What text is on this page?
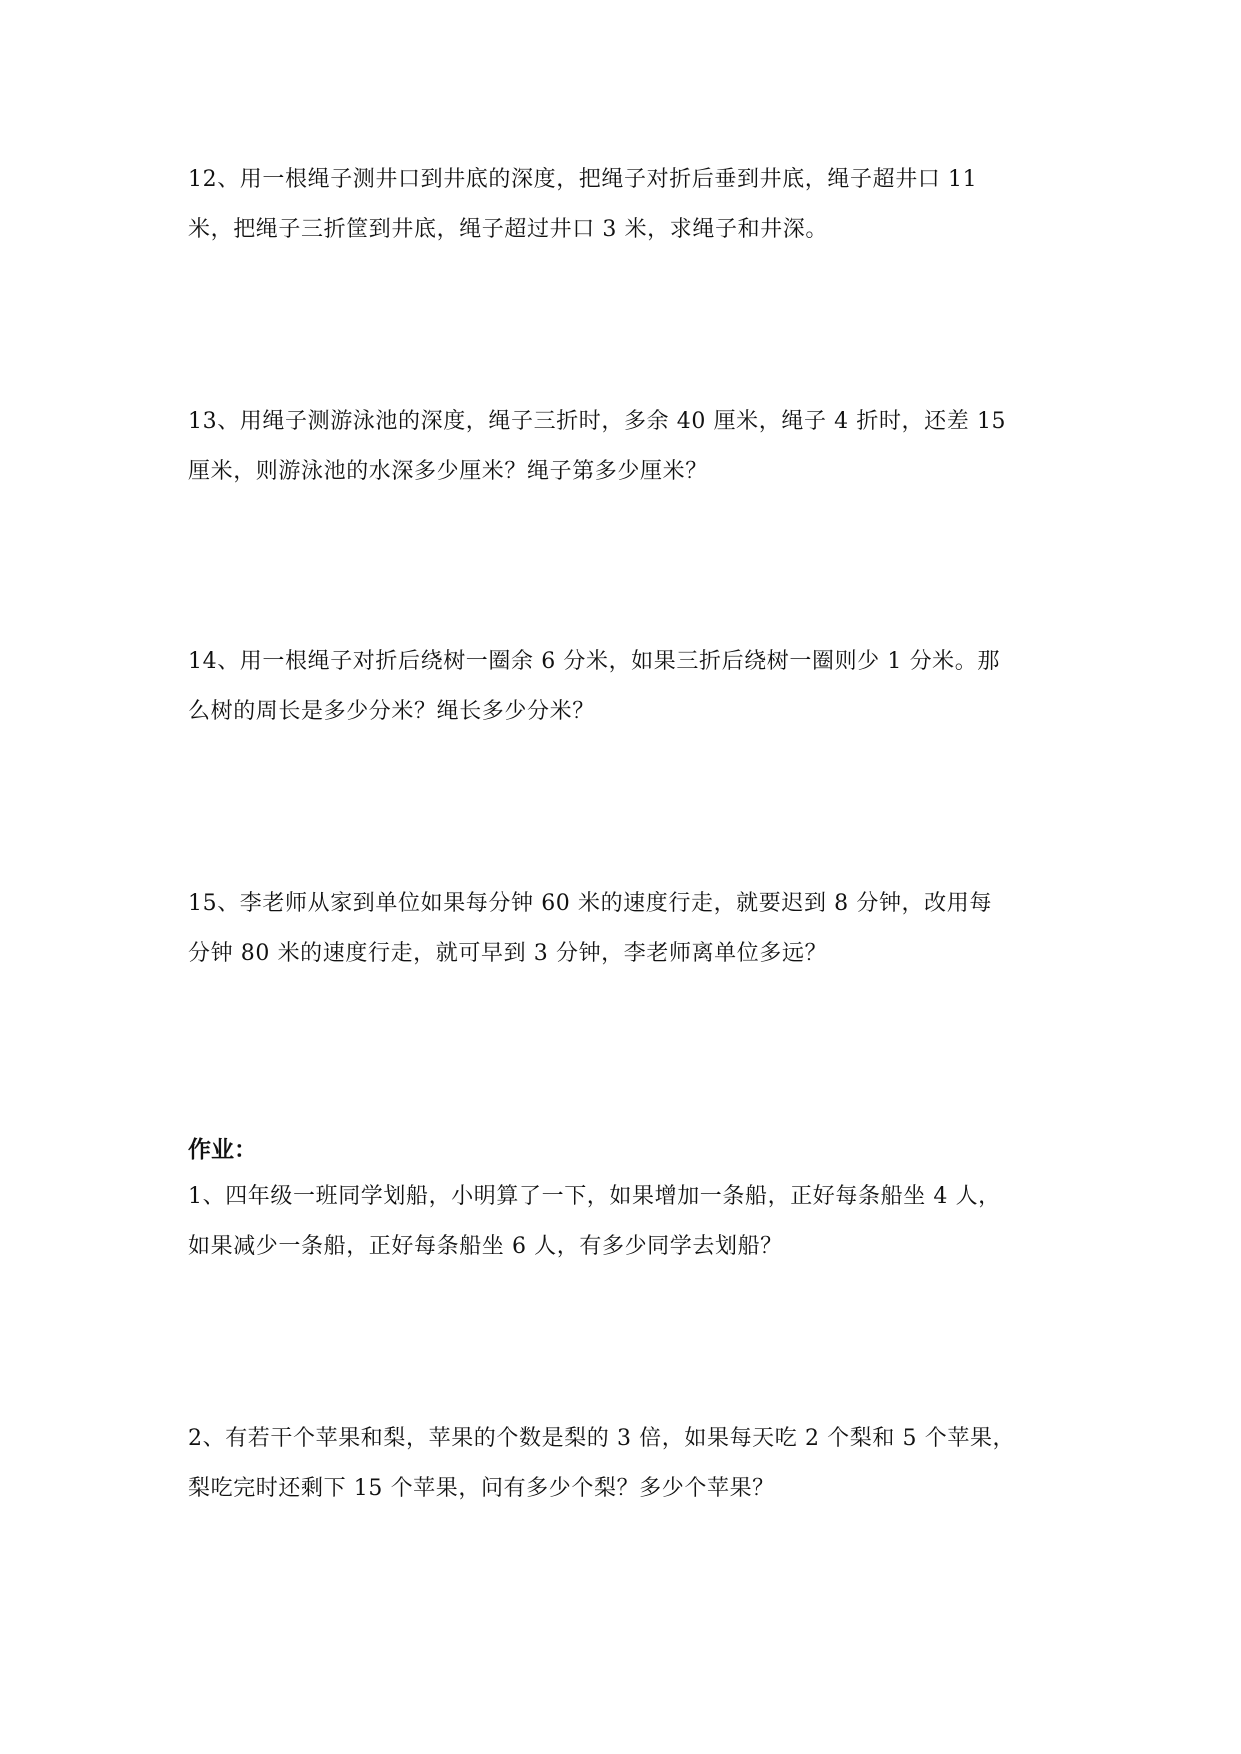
12、用一根绳子测井口到井底的深度，把绳子对折后垂到井底，绳子超井口 11

米，把绳子三折筐到井底，绳子超过井口 3 米，求绳子和井深。

13、用绳子测游泳池的深度，绳子三折时，多余 40 厘米，绳子 4 折时，还差 15

厘米，则游泳池的水深多少厘米？绳子第多少厘米？

14、用一根绳子对折后绕树一圈余 6 分米，如果三折后绕树一圈则少 1 分米。那

么树的周长是多少分米？绳长多少分米？

15、李老师从家到单位如果每分钟 60 米的速度行走，就要迟到 8 分钟，改用每

分钟 80 米的速度行走，就可早到 3 分钟，李老师离单位多远？

作业：

1、四年级一班同学划船，小明算了一下，如果增加一条船，正好每条船坐 4 人，

如果减少一条船，正好每条船坐 6 人，有多少同学去划船？

2、有若干个苹果和梨，苹果的个数是梨的 3 倍，如果每天吃 2 个梨和 5 个苹果，

梨吃完时还剩下 15 个苹果，问有多少个梨？多少个苹果？
